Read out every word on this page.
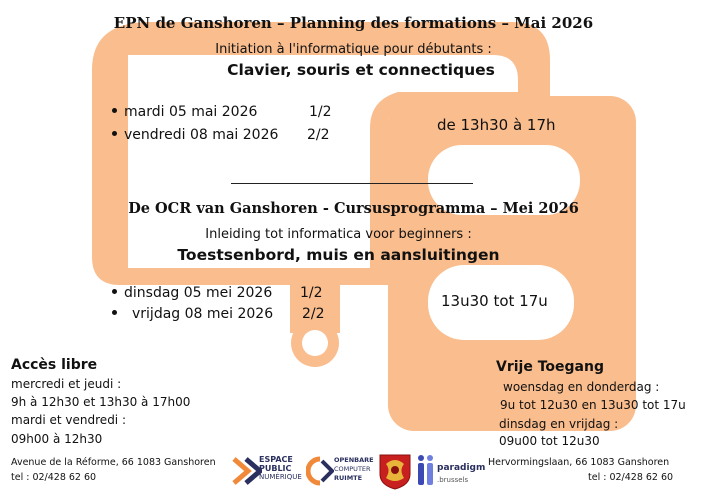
EPN de Ganshoren – Planning des formations – Mai 2026
Initiation à l'informatique pour débutants :
Clavier, souris et connectiques
mardi 05 mai 2026	1/2
vendredi 08 mai 2026 2/2
de 13h30 à 17h
De OCR van Ganshoren - Cursusprogramma – Mei 2026
Inleiding tot informatica voor beginners :
Toestsenbord, muis en aansluitingen
dinsdag 05 mei 2026 1/2
vrijdag 08 mei 2026 2/2
13u30 tot 17u
Accès libre
mercredi et jeudi :
9h à 12h30 et 13h30 à 17h00
mardi et vendredi :
09h00 à 12h30
Vrije Toegang
woensdag en donderdag :
9u tot 12u30 en 13u30 tot 17u
dinsdag en vrijdag :
09u00 tot 12u30
Avenue de la Réforme, 66 1083 Ganshoren
tel : 02/428 62 60
Hervormingslaan, 66 1083 Ganshoren
tel : 02/428 62 60
ESPACE
PUBLIC
NUMÉRIQUE
OPENBARE
COMPUTER
RUIMTE
paradigm
.brussels
